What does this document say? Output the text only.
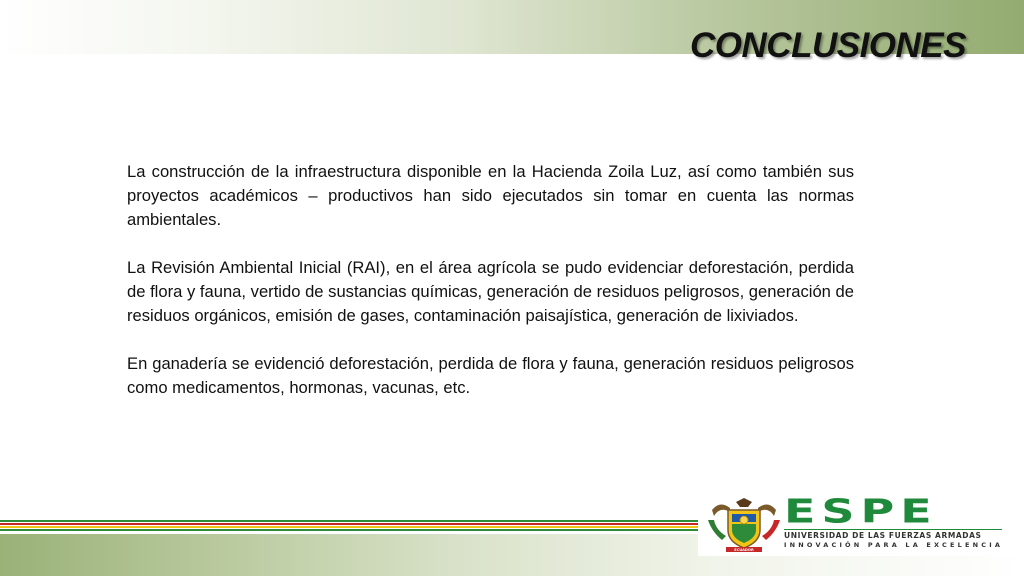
CONCLUSIONES

La construcción de la infraestructura disponible en la Hacienda Zoila Luz, así como también sus proyectos académicos – productivos han sido ejecutados sin tomar en cuenta las normas ambientales.

La Revisión Ambiental Inicial (RAI), en el área agrícola se pudo evidenciar deforestación, perdida de flora y fauna, vertido de sustancias químicas, generación de residuos peligrosos, generación de residuos orgánicos, emisión de gases, contaminación paisajística, generación de lixiviados.

En ganadería se evidenció deforestación, perdida de flora y fauna, generación residuos peligrosos como medicamentos, hormonas, vacunas, etc.

ECUADOR
ESPE
UNIVERSIDAD DE LAS FUERZAS ARMADAS
INNOVACIÓN PARA LA EXCELENCIA
